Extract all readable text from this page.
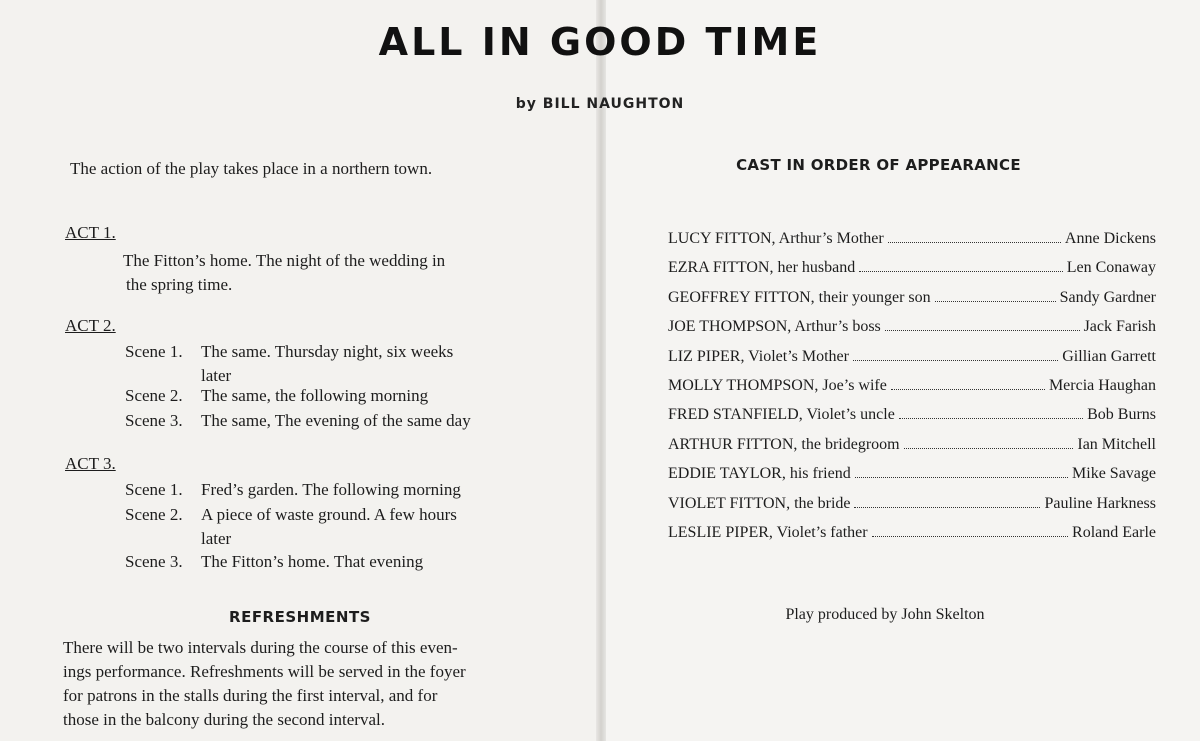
ALL IN GOOD TIME
by BILL NAUGHTON
The action of the play takes place in a northern town.
ACT 1.
The Fitton’s home. The night of the wedding in
the spring time.
ACT 2.
Scene 1. The same. Thursday night, six weeks
later
Scene 2. The same, the following morning
Scene 3. The same, The evening of the same day
ACT 3.
Scene 1. Fred’s garden. The following morning
Scene 2. A piece of waste ground. A few hours
later
Scene 3. The Fitton’s home. That evening
REFRESHMENTS
There will be two intervals during the course of this even-
ings performance. Refreshments will be served in the foyer
for patrons in the stalls during the first interval, and for
those in the balcony during the second interval.
CAST IN ORDER OF APPEARANCE
LUCY FITTON, Arthur’s Mother	Anne Dickens
EZRA FITTON, her husband	Len Conaway
GEOFFREY FITTON, their younger son	Sandy Gardner
JOE THOMPSON, Arthur’s boss	Jack Farish
LIZ PIPER, Violet’s Mother	Gillian Garrett
MOLLY THOMPSON, Joe’s wife	Mercia Haughan
FRED STANFIELD, Violet’s uncle	Bob Burns
ARTHUR FITTON, the bridegroom	Ian Mitchell
EDDIE TAYLOR, his friend	Mike Savage
VIOLET FITTON, the bride	Pauline Harkness
LESLIE PIPER, Violet’s father	Roland Earle
Play produced by John Skelton
